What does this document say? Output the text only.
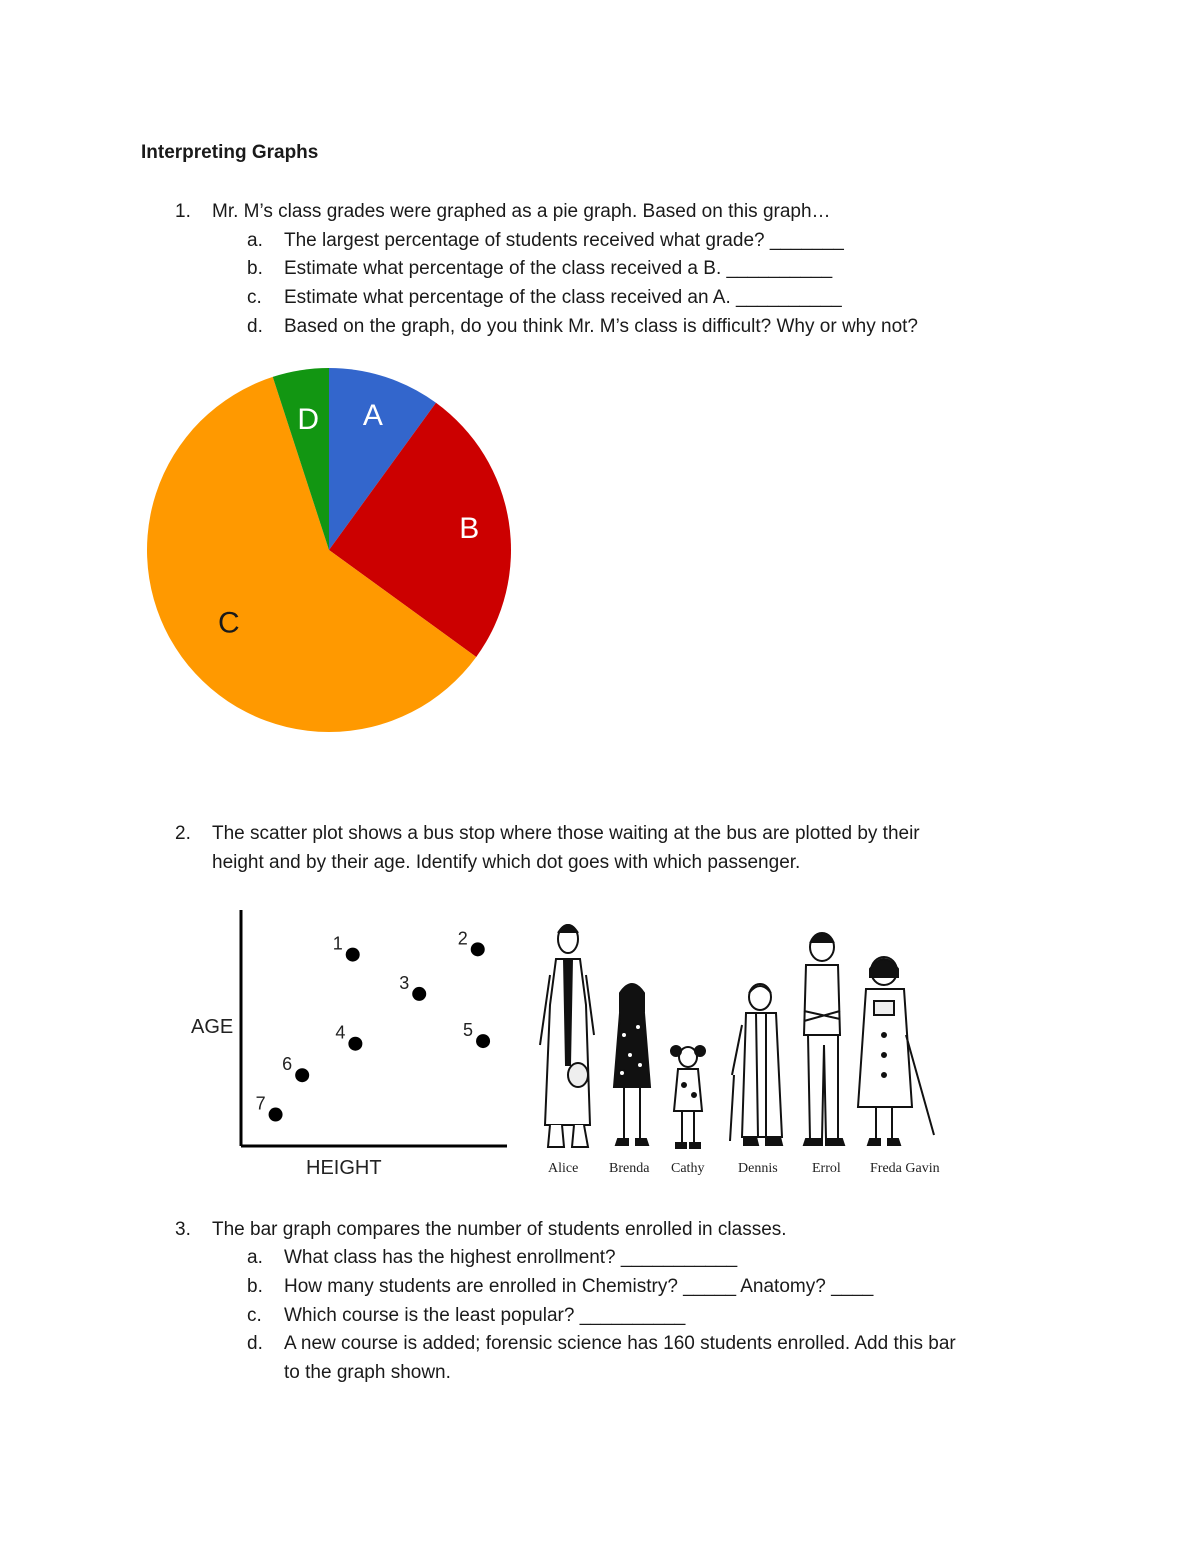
Interpreting Graphs
1. Mr. M’s class grades were graphed as a pie graph. Based on this graph…
a. The largest percentage of students received what grade? _______
b. Estimate what percentage of the class received a B. __________
c. Estimate what percentage of the class received an A. __________
d. Based on the graph, do you think Mr. M’s class is difficult? Why or why not?
A
B
C
D
2. The scatter plot shows a bus stop where those waiting at the bus are plotted by their
height and by their age. Identify which dot goes with which passenger.
AGE
HEIGHT
1	2
3
4	5
6
7
Alice Brenda Cathy Dennis Errol Freda Gavin
3. The bar graph compares the number of students enrolled in classes.
a. What class has the highest enrollment? ___________
b. How many students are enrolled in Chemistry? _____ Anatomy? ____
c. Which course is the least popular? __________
d. A new course is added; forensic science has 160 students enrolled. Add this bar
to the graph shown.
